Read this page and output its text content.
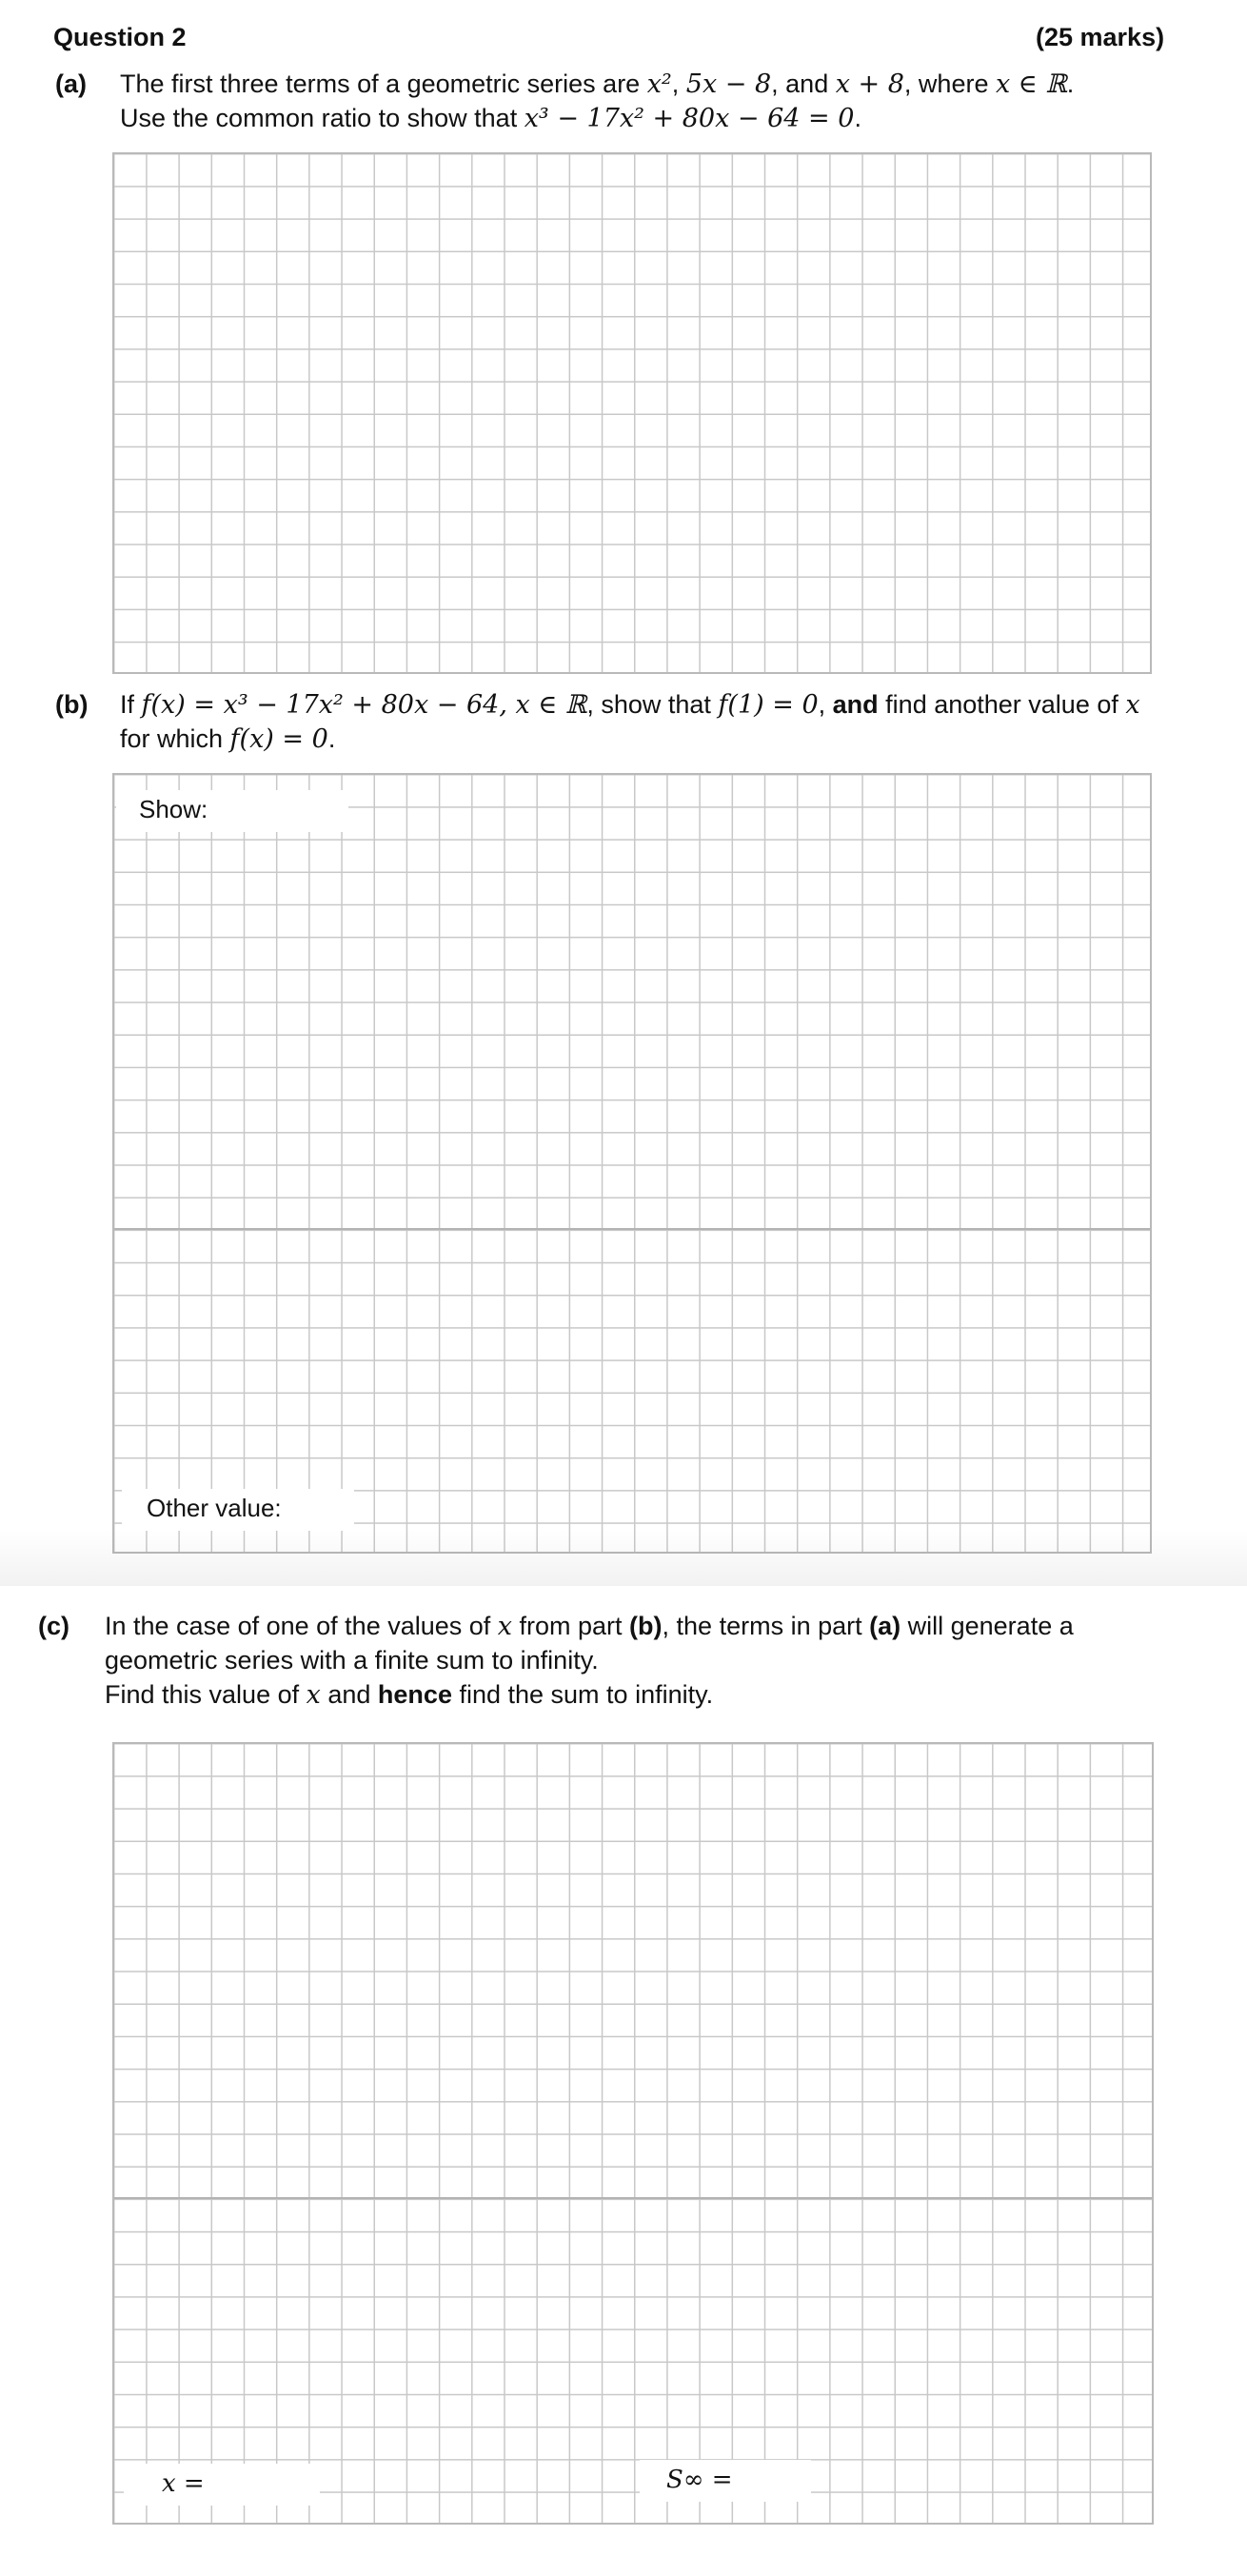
Question 2	(25 marks)
(a) The first three terms of a geometric series are x², 5x − 8, and x + 8, where x ∈ ℝ.
Use the common ratio to show that x³ − 17x² + 80x − 64 = 0.
(b) If f(x) = x³ − 17x² + 80x − 64, x ∈ ℝ, show that f(1) = 0, and find another value of x
for which f(x) = 0.
Show:
Other value:
(c) In the case of one of the values of x from part (b), the terms in part (a) will generate a
geometric series with a finite sum to infinity.
Find this value of x and hence find the sum to infinity.
x =	S∞ =
